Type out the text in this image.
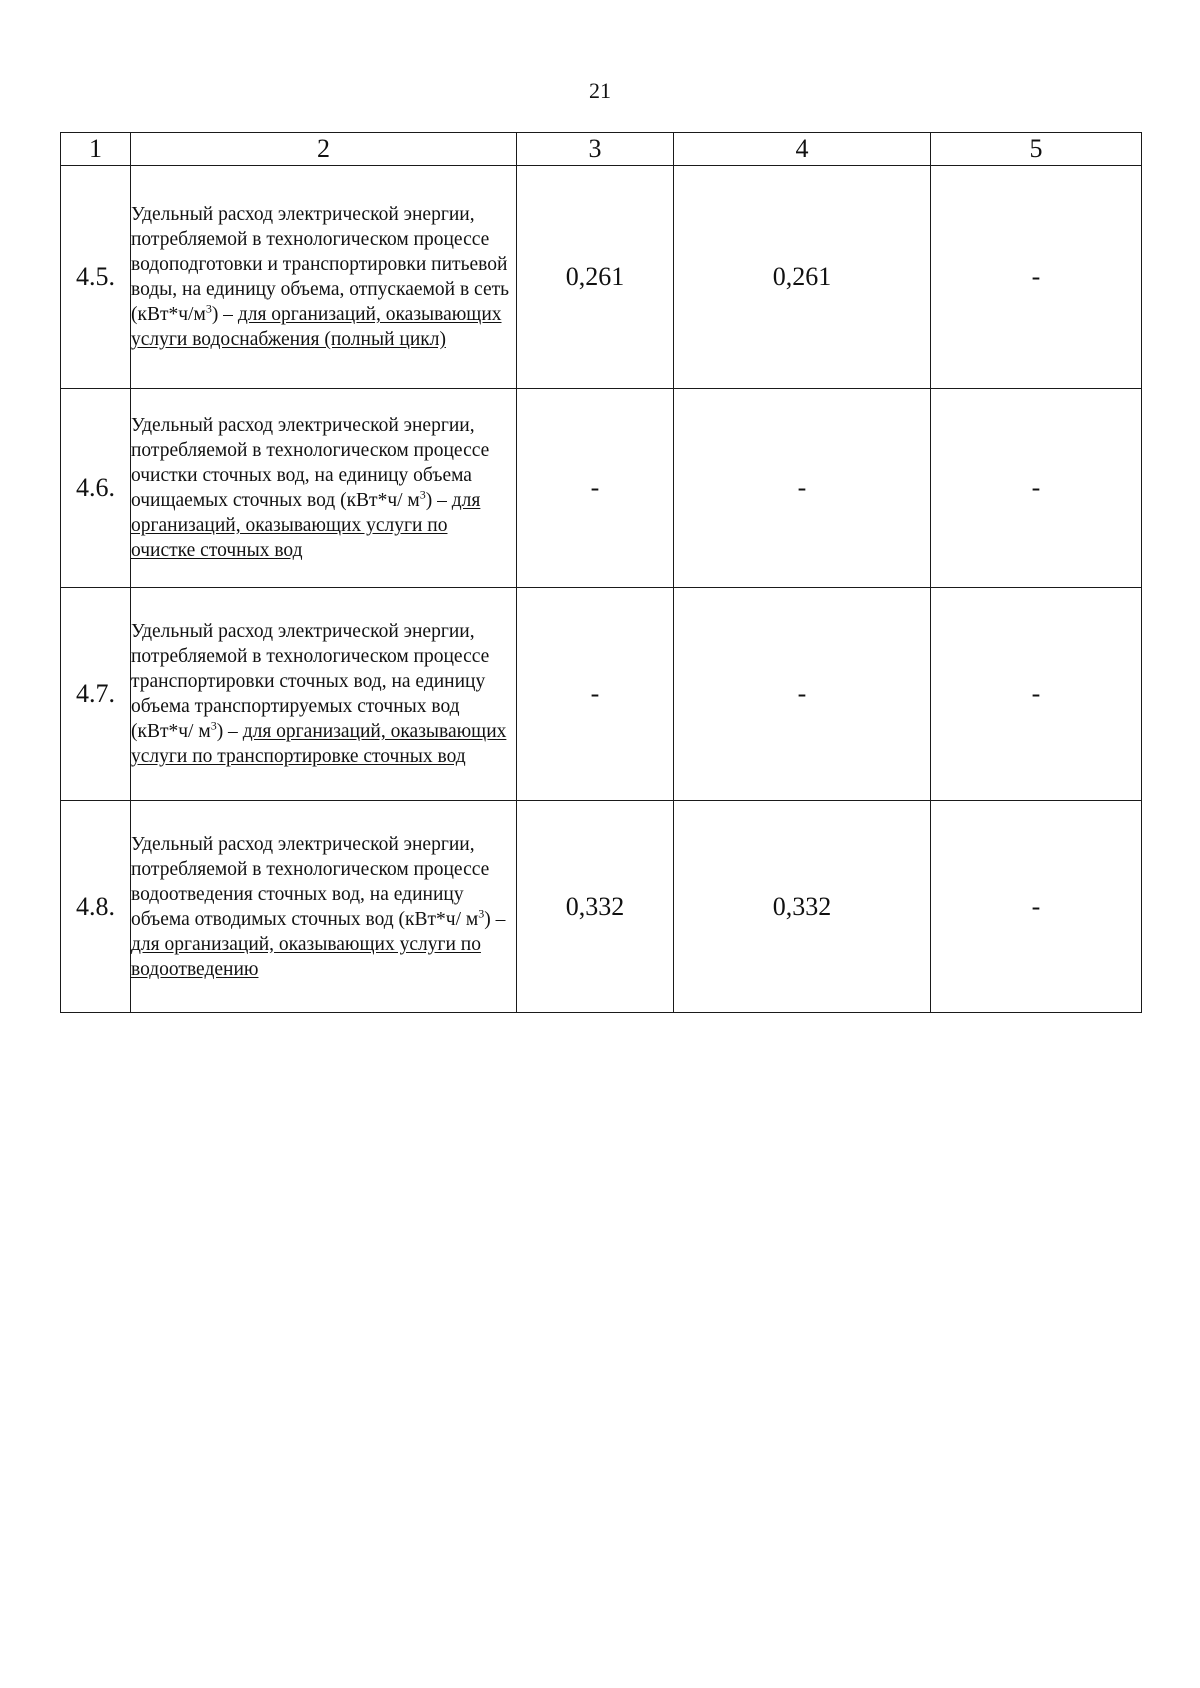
21
1	2	3	4	5
4.5.	Удельный расход электрической энергии, потребляемой в технологическом процессе водоподготовки и транспортировки питьевой воды, на единицу объема, отпускаемой в сеть $(кВт*ч/м^3)$ – для организаций, оказывающих услуги водоснабжения (полный цикл)	0,261	0,261	-
4.6.	Удельный расход электрической энергии, потребляемой в технологическом процессе очистки сточных вод, на единицу объема очищаемых сточных вод (кВт*ч/ $м^3$) – для организаций, оказывающих услуги по очистке сточных вод	-	-	-
4.7.	Удельный расход электрической энергии, потребляемой в технологическом процессе транспортировки сточных вод, на единицу объема транспортируемых сточных вод (кВт*ч/ $м^3$) – для организаций, оказывающих услуги по транспортировке сточных вод	-	-	-
4.8.	Удельный расход электрической энергии, потребляемой в технологическом процессе водоотведения сточных вод, на единицу объема отводимых сточных вод (кВт*ч/ $м^3$) – для организаций, оказывающих услуги по водоотведению	0,332	0,332	-
